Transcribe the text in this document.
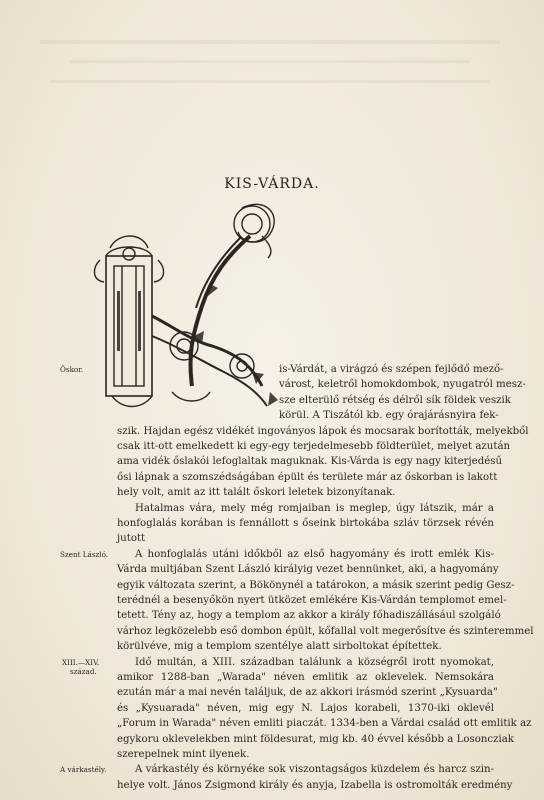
KIS-VÁRDA.
Őskor.
Szent László.
XIII.—XIV.
század.
A várkastély.
is-Várdát, a virágzó és szépen fejlődő mező-
várost, keletről homokdombok, nyugatról mesz-
sze elterülő rétség és délről sík földek veszik
körül. A Tiszától kb. egy órajárásnyira fek-
szik. Hajdan egész vidékét ingoványos lápok és mocsarak borították, melyekből
csak itt-ott emelkedett ki egy-egy terjedelmesebb földterület, melyet azután
ama vidék őslakói lefoglaltak maguknak. Kis-Várda is egy nagy kiterjedésű
ősi lápnak a szomszédságában épült és területe már az őskorban is lakott
hely volt, amit az itt talált őskori leletek bizonyítanak.
Hatalmas vára, mely még romjaiban is meglep, úgy látszik, már a
honfoglalás korában is fennállott s őseink birtokába szláv törzsek révén
jutott
A honfoglalás utáni időkből az első hagyomány és irott emlék Kis-
Várda multjában Szent László királyig vezet bennünket, aki, a hagyomány
egyik változata szerint, a Bökönynél a tatárokon, a másik szerint pedig Gesz-
terédnél a besenyőkön nyert ütközet emlékére Kis-Várdán templomot emel-
tetett. Tény az, hogy a templom az akkor a király főhadiszállásául szolgáló
várhoz legközelebb eső dombon épült, kőfallal volt megerősítve és szinteremmel
körülvéve, mig a templom szentélye alatt sirboltokat építettek.
Idő multán, a XIII. században találunk a községről irott nyomokat,
amikor 1288-ban „Warada" néven emlitik az oklevelek. Nemsokára
ezután már a mai nevén találjuk, de az akkori irásmód szerint „Kysuarda"
és „Kysuarada" néven, mig egy N. Lajos korabeli, 1370-iki oklevél
„Forum in Warada" néven emliti piaczát. 1334-ben a Várdai család ott emlitik az
egykoru oklevelekben mint földesurat, mig kb. 40 évvel később a Losoncziak
szerepelnek mint ilyenek.
A várkastély és környéke sok viszontagságos küzdelem és harcz szin-
helye volt. János Zsigmond király és anyja, Izabella is ostromolták eredmény
